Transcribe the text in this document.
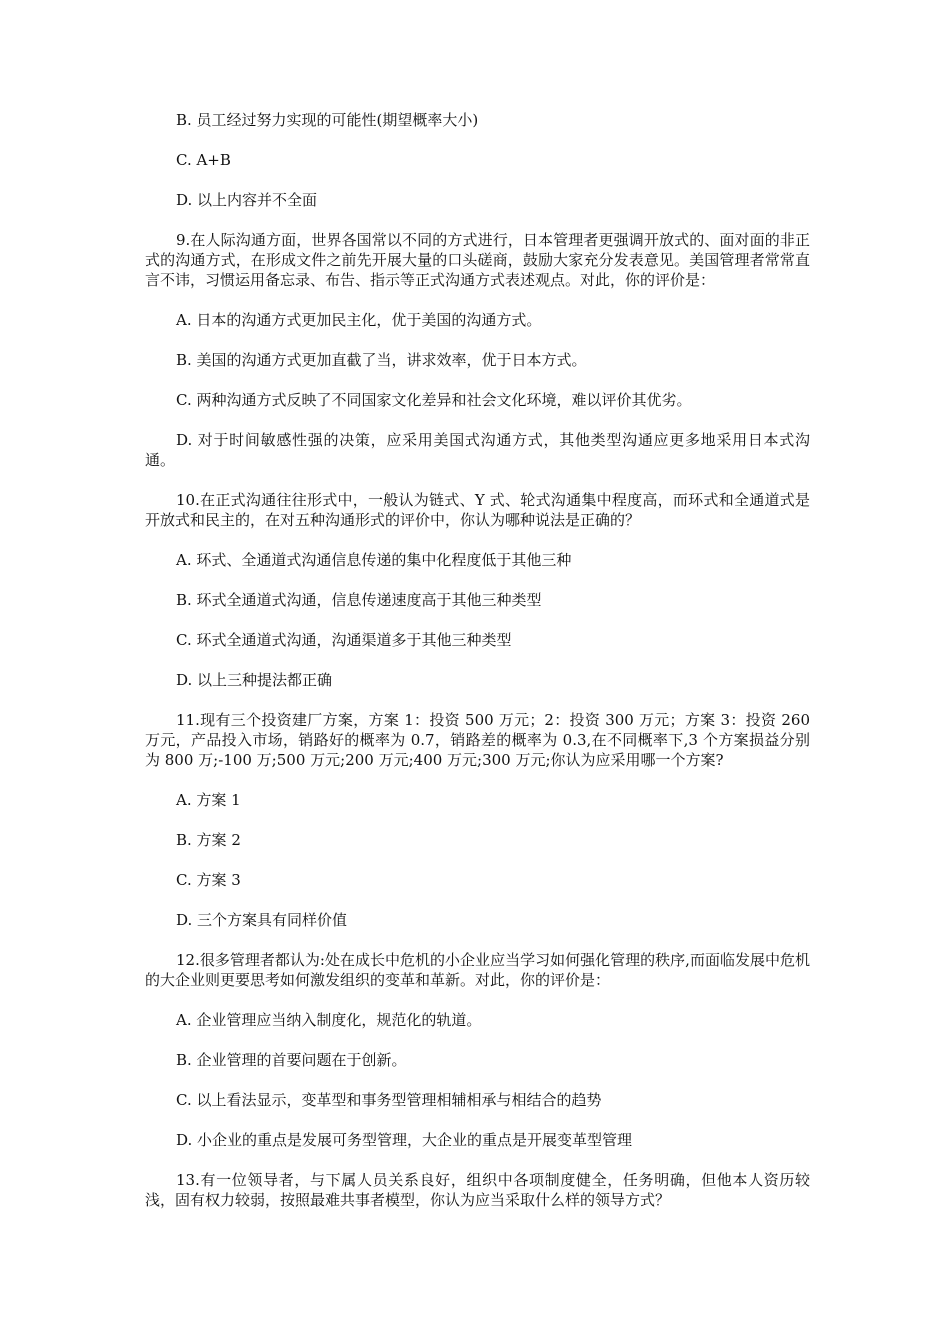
B. 员工经过努力实现的可能性(期望概率大小)

C. A+B

D. 以上内容并不全面

9.在人际沟通方面，世界各国常以不同的方式进行，日本管理者更强调开放式的、面对面的非正式的沟通方式，在形成文件之前先开展大量的口头磋商，鼓励大家充分发表意见。美国管理者常常直言不讳，习惯运用备忘录、布告、指示等正式沟通方式表述观点。对此，你的评价是：

A. 日本的沟通方式更加民主化，优于美国的沟通方式。

B. 美国的沟通方式更加直截了当，讲求效率，优于日本方式。

C. 两种沟通方式反映了不同国家文化差异和社会文化环境，难以评价其优劣。

D. 对于时间敏感性强的决策，应采用美国式沟通方式，其他类型沟通应更多地采用日本式沟通。

10.在正式沟通往往形式中，一般认为链式、Y 式、轮式沟通集中程度高，而环式和全通道式是开放式和民主的，在对五种沟通形式的评价中，你认为哪种说法是正确的？

A. 环式、全通道式沟通信息传递的集中化程度低于其他三种

B. 环式全通道式沟通，信息传递速度高于其他三种类型

C. 环式全通道式沟通，沟通渠道多于其他三种类型

D. 以上三种提法都正确

11.现有三个投资建厂方案，方案 1：投资 500 万元；2：投资 300 万元；方案 3：投资 260 万元，产品投入市场，销路好的概率为 0.7，销路差的概率为 0.3,在不同概率下,3 个方案损益分别为 800 万;-100 万;500 万元;200 万元;400 万元;300 万元;你认为应采用哪一个方案?

A. 方案 1

B. 方案 2

C. 方案 3

D. 三个方案具有同样价值

12.很多管理者都认为:处在成长中危机的小企业应当学习如何强化管理的秩序,而面临发展中危机的大企业则更要思考如何激发组织的变革和革新。对此，你的评价是：

A. 企业管理应当纳入制度化，规范化的轨道。

B. 企业管理的首要问题在于创新。

C. 以上看法显示，变革型和事务型管理相辅相承与相结合的趋势

D. 小企业的重点是发展可务型管理，大企业的重点是开展变革型管理

13.有一位领导者，与下属人员关系良好，组织中各项制度健全，任务明确，但他本人资历较浅，固有权力较弱，按照最难共事者模型，你认为应当采取什么样的领导方式？
